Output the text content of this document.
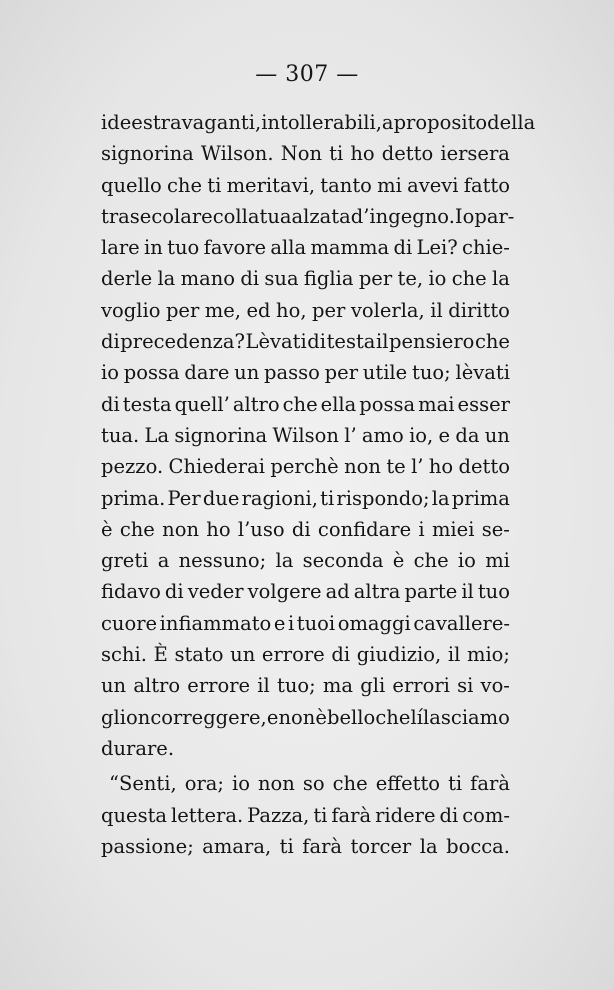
— 307 —
idee stravaganti, intollerabili, a proposito della
signorina Wilson. Non ti ho detto iersera
quello che ti meritavi, tanto mi avevi fatto
trasecolare colla tua alzata d’ingegno. Io par-
lare in tuo favore alla mamma di Lei? chie-
derle la mano di sua figlia per te, io che la
voglio per me, ed ho, per volerla, il diritto
di precedenza? Lèvati di testa il pensiero che
io possa dare un passo per utile tuo; lèvati
di testa quell’ altro che ella possa mai esser
tua. La signorina Wilson l’ amo io, e da un
pezzo. Chiederai perchè non te l’ ho detto
prima. Per due ragioni, ti rispondo; la prima
è che non ho l’uso di confidare i miei se-
greti a nessuno; la seconda è che io mi
fidavo di veder volgere ad altra parte il tuo
cuore infiammato e i tuoi omaggi cavallere-
schi. È stato un errore di giudizio, il mio;
un altro errore il tuo; ma gli errori si vo-
glion correggere, e non è bello che lí lasciamo
durare.
“Senti, ora; io non so che effetto ti farà
questa lettera. Pazza, ti farà ridere di com-
passione; amara, ti farà torcer la bocca.
